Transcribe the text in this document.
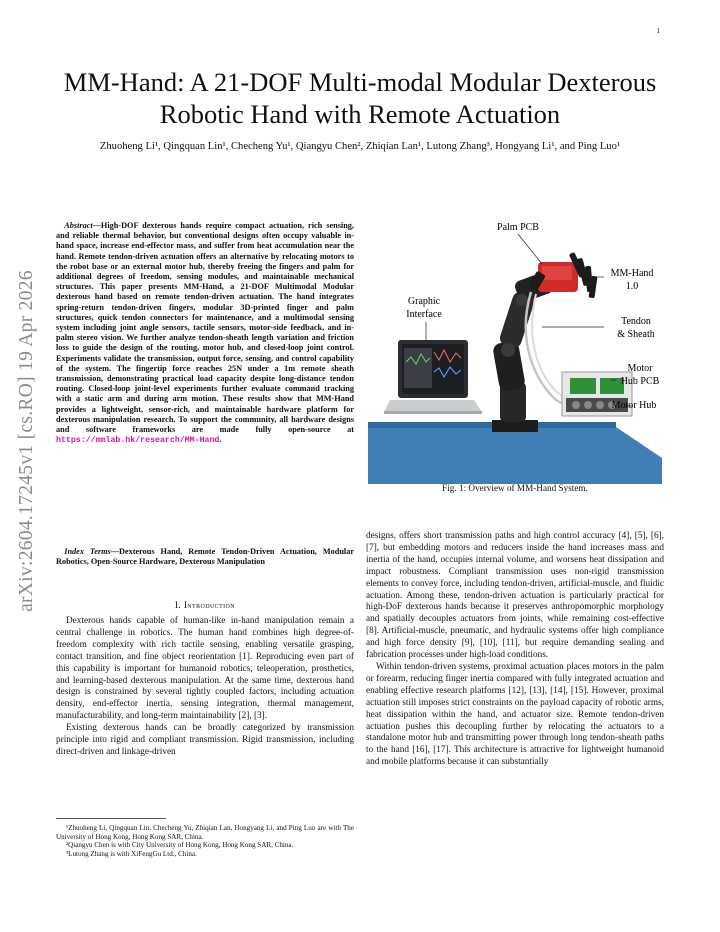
1
arXiv:2604.17245v1 [cs.RO] 19 Apr 2026
MM-Hand: A 21-DOF Multi-modal Modular Dexterous Robotic Hand with Remote Actuation
Zhuoheng Li¹, Qingquan Lin¹, Checheng Yu¹, Qiangyu Chen², Zhiqian Lan¹, Lutong Zhang³, Hongyang Li¹, and Ping Luo¹
 Abstract—High-DOF dexterous hands require compact actuation, rich sensing, and reliable thermal behavior, but conventional designs often occupy valuable in-hand space, increase end-effector mass, and suffer from heat accumulation near the hand. Remote tendon-driven actuation offers an alternative by relocating motors to the robot base or an external motor hub, thereby freeing the fingers and palm for additional degrees of freedom, sensing modules, and maintainable mechanical structures. This paper presents MM-Hand, a 21-DOF Multimodal Modular dexterous hand based on remote tendon-driven actuation. The hand integrates spring-return tendon-driven fingers, modular 3D-printed finger and palm structures, quick tendon connectors for maintenance, and a multimodal sensing system including joint angle sensors, tactile sensors, motor-side feedback, and in-palm stereo vision. We further analyze tendon-sheath length variation and friction loss to guide the design of the routing, motor hub, and closed-loop joint control. Experiments validate the transmission, output force, sensing, and control capability of the system. The fingertip force reaches 25N under a 1m remote sheath transmission, demonstrating practical load capacity despite long-distance tendon routing. Closed-loop joint-level experiments further evaluate command tracking with a static arm and during arm motion. These results show that MM-Hand provides a lightweight, sensor-rich, and maintainable hardware platform for dexterous manipulation research. To support the community, all hardware designs and software frameworks are made fully open-source at https://mmlab.hk/research/MM-Hand.
 Index Terms—Dexterous Hand, Remote Tendon-Driven Actuation, Modular Robotics, Open-Source Hardware, Dexterous Manipulation
I. Introduction

Dexterous hands capable of human-like in-hand manipulation remain a central challenge in robotics. The human hand combines high degree-of-freedom complexity with rich tactile sensing, enabling versatile grasping, contact transition, and fine object reorientation [1]. Reproducing even part of this capability is important for humanoid robotics, teleoperation, prosthetics, and learning-based dexterous manipulation. At the same time, dexterous hand design is constrained by several tightly coupled factors, including actuation density, end-effector inertia, sensing integration, thermal management, manufacturability, and long-term maintainability [2], [3].

Existing dexterous hands can be broadly categorized by transmission principle into rigid and compliant transmission. Rigid transmission, including direct-driven and linkage-driven

¹Zhuoheng Li, Qingquan Lin, Checheng Yu, Zhiqian Lan, Hongyang Li, and Ping Luo are with The University of Hong Kong, Hong Kong SAR, China.

²Qiangyu Chen is with City University of Hong Kong, Hong Kong SAR, China.

³Lutong Zhang is with XiFengGu Ltd., China.

Palm PCB
MM-Hand
1.0
Graphic
Interface
Tendon
& Sheath
Motor
Hub PCB
Motor Hub
Fig. 1: Overview of MM-Hand System.

designs, offers short transmission paths and high control accuracy [4], [5], [6], [7], but embedding motors and reducers inside the hand increases mass and inertia of the hand, occupies internal volume, and worsens heat dissipation and impact robustness. Compliant transmission uses non-rigid transmission elements to convey force, including tendon-driven, artificial-muscle, and fluidic actuation. Among these, tendon-driven actuation is particularly practical for high-DoF dexterous hands because it preserves anthropomorphic morphology and spatially decouples actuators from joints, while remaining cost-effective [8]. Artificial-muscle, pneumatic, and hydraulic systems offer high compliance and high force density [9], [10], [11], but require demanding sealing and fabrication processes under high-load conditions.

Within tendon-driven systems, proximal actuation places motors in the palm or forearm, reducing finger inertia compared with fully integrated actuation and enabling effective research platforms [12], [13], [14], [15]. However, proximal actuation still imposes strict constraints on the payload capacity of robotic arms, heat dissipation within the hand, and actuator size. Remote tendon-driven actuation pushes this decoupling further by relocating the actuators to a standalone motor hub and transmitting power through long tendon-sheath paths to the hand [16], [17]. This architecture is attractive for lightweight humanoid and mobile platforms because it can substantially
